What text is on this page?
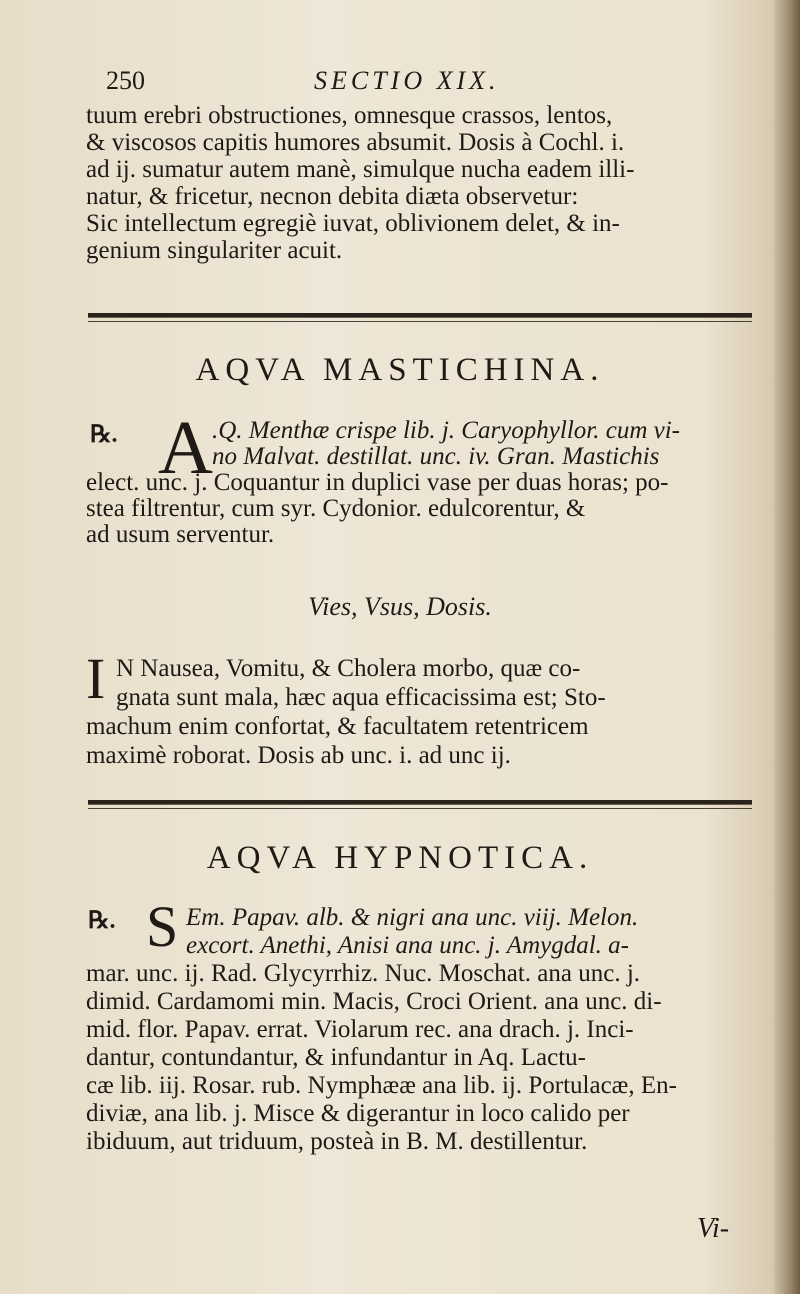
250	SECTIO XIX.
tuum erebri obstructiones, omnesque crassos, lentos,
& viscosos capitis humores absumit. Dosis à Cochl. i.
ad ij. sumatur autem manè, simulque nucha eadem illi-
natur, & fricetur, necnon debita diæta observetur:
Sic intellectum egregiè iuvat, oblivionem delet, & in-
genium singulariter acuit.
AQVA MASTICHINA.
℞. A .Q. Menthæ crispe lib. j. Caryophyllor. cum vi-
no Malvat. destillat. unc. iv. Gran. Mastichis
elect. unc. j. Coquantur in duplici vase per duas horas; po-
stea filtrentur, cum syr. Cydonior. edulcorentur, &
ad usum serventur.
Vies, Vsus, Dosis.
I N Nausea, Vomitu, & Cholera morbo, quæ co-
gnata sunt mala, hæc aqua efficacissima est; Sto-
machum enim confortat, & facultatem retentricem
maximè roborat. Dosis ab unc. i. ad unc ij.
AQVA HYPNOTICA.
℞. S Em. Papav. alb. & nigri ana unc. viij. Melon.
excort. Anethi, Anisi ana unc. j. Amygdal. a-
mar. unc. ij. Rad. Glycyrrhiz. Nuc. Moschat. ana unc. j.
dimid. Cardamomi min. Macis, Croci Orient. ana unc. di-
mid. flor. Papav. errat. Violarum rec. ana drach. j. Inci-
dantur, contundantur, & infundantur in Aq. Lactu-
cæ lib. iij. Rosar. rub. Nymphææ ana lib. ij. Portulacæ, En-
diviæ, ana lib. j. Misce & digerantur in loco calido per
ibiduum, aut triduum, posteà in B. M. destillentur.
Vi-
